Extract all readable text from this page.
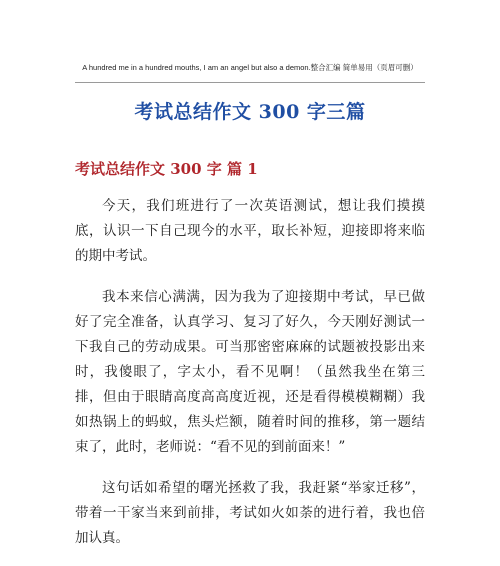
A hundred me in a hundred mouths, I am an angel but also a demon.整合汇编 简单易用（页眉可删）
考试总结作文 300 字三篇
考试总结作文 300 字 篇 1

今天，我们班进行了一次英语测试，想让我们摸摸底，认识一下自己现今的水平，取长补短，迎接即将来临的期中考试。

我本来信心满满，因为我为了迎接期中考试，早已做好了完全准备，认真学习、复习了好久，今天刚好测试一下我自己的劳动成果。可当那密密麻麻的试题被投影出来时，我傻眼了，字太小，看不见啊！（虽然我坐在第三排，但由于眼睛高度高高度近视，还是看得模模糊糊）我如热锅上的蚂蚁，焦头烂额，随着时间的推移，第一题结束了，此时，老师说：“看不见的到前面来！”

这句话如希望的曙光拯救了我，我赶紧“举家迁移”，带着一干家当来到前排，考试如火如荼的进行着，我也倍加认真。
